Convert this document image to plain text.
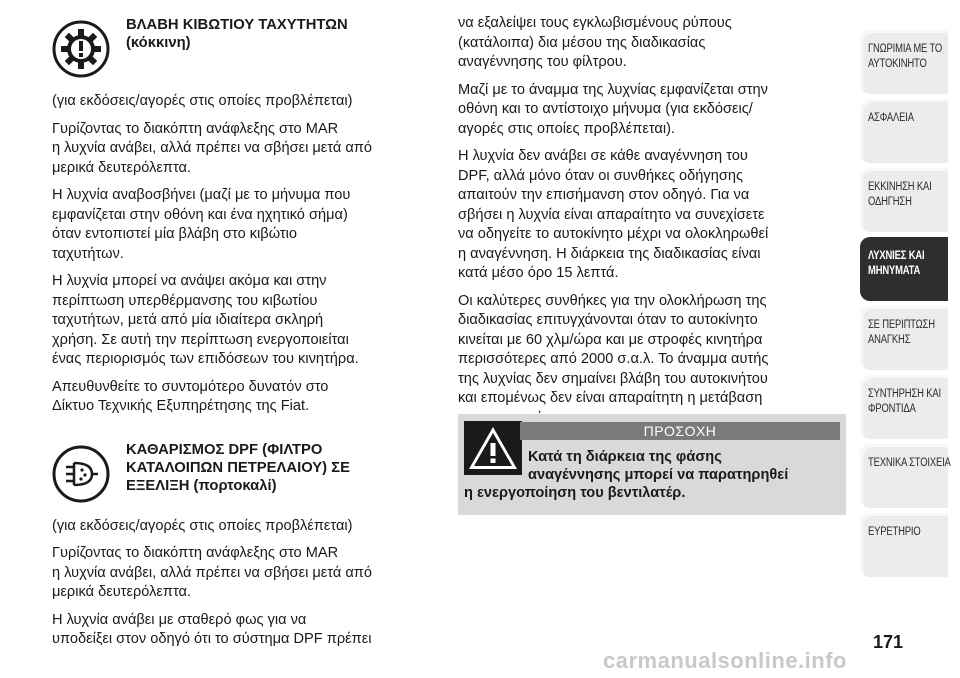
ΒΛΑΒΗ ΚΙΒΩΤΙΟΥ ΤΑΧΥΤΗΤΩΝ
(κόκκινη)

(για εκδόσεις/αγορές στις οποίες προβλέπεται)

Γυρίζοντας το διακόπτη ανάφλεξης στο MAR
η λυχνία ανάβει, αλλά πρέπει να σβήσει μετά από
μερικά δευτερόλεπτα.

Η λυχνία αναβοσβήνει (μαζί με το μήνυμα που
εμφανίζεται στην οθόνη και ένα ηχητικό σήμα)
όταν εντοπιστεί μία βλάβη στο κιβώτιο
ταχυτήτων.

Η λυχνία μπορεί να ανάψει ακόμα και στην
περίπτωση υπερθέρμανσης του κιβωτίου
ταχυτήτων, μετά από μία ιδιαίτερα σκληρή
χρήση. Σε αυτή την περίπτωση ενεργοποιείται
ένας περιορισμός των επιδόσεων του κινητήρα.

Απευθυνθείτε το συντομότερο δυνατόν στο
Δίκτυο Τεχνικής Εξυπηρέτησης της Fiat.

ΚΑΘΑΡΙΣΜΟΣ DPF (ΦΙΛΤΡΟ
ΚΑΤΑΛΟΙΠΩΝ ΠΕΤΡΕΛΑΙΟΥ) ΣΕ
ΕΞΕΛΙΞΗ (πορτοκαλί)

(για εκδόσεις/αγορές στις οποίες προβλέπεται)

Γυρίζοντας το διακόπτη ανάφλεξης στο MAR
η λυχνία ανάβει, αλλά πρέπει να σβήσει μετά από
μερικά δευτερόλεπτα.

Η λυχνία ανάβει με σταθερό φως για να
υποδείξει στον οδηγό ότι το σύστημα DPF πρέπει

να εξαλείψει τους εγκλωβισμένους ρύπους
(κατάλοιπα) δια μέσου της διαδικασίας
αναγέννησης του φίλτρου.

Μαζί με το άναμμα της λυχνίας εμφανίζεται στην
οθόνη και το αντίστοιχο μήνυμα (για εκδόσεις/
αγορές στις οποίες προβλέπεται).

Η λυχνία δεν ανάβει σε κάθε αναγέννηση του
DPF, αλλά μόνο όταν οι συνθήκες οδήγησης
απαιτούν την επισήμανση στον οδηγό. Για να
σβήσει η λυχνία είναι απαραίτητο να συνεχίσετε
να οδηγείτε το αυτοκίνητο μέχρι να ολοκληρωθεί
η αναγέννηση. Η διάρκεια της διαδικασίας είναι
κατά μέσο όρο 15 λεπτά.

Οι καλύτερες συνθήκες για την ολοκλήρωση της
διαδικασίας επιτυγχάνονται όταν το αυτοκίνητο
κινείται με 60 χλμ/ώρα και με στροφές κινητήρα
περισσότερες από 2000 σ.α.λ. Το άναμμα αυτής
της λυχνίας δεν σημαίνει βλάβη του αυτοκινήτου
και επομένως δεν είναι απαραίτητη η μετάβαση

ΠΡΟΣΟΧΗ
Κατά τη διάρκεια της φάσης
αναγέννησης μπορεί να παρατηρηθεί
η ενεργοποίηση του βεντιλατέρ.
ΓΝΩΡΙΜΙΑ ΜΕ ΤΟ
ΑΥΤΟΚΙΝΗΤΟ
ΑΣΦΑΛΕΙΑ

ΕΚΚΙΝΗΣΗ ΚΑΙ
ΟΔΗΓΗΣΗ
ΛΥΧΝΙΕΣ ΚΑΙ
ΜΗΝΥΜΑΤΑ
ΣΕ ΠΕΡΙΠΤΩΣΗ
ΑΝΑΓΚΗΣ
ΣΥΝΤΗΡΗΣΗ ΚΑΙ
ΦΡΟΝΤΙΔΑ
ΤΕΧΝΙΚΑ ΣΤΟΙΧΕΙΑ

ΕΥΡΕΤΗΡΙΟ

171
carmanualsonline.info
